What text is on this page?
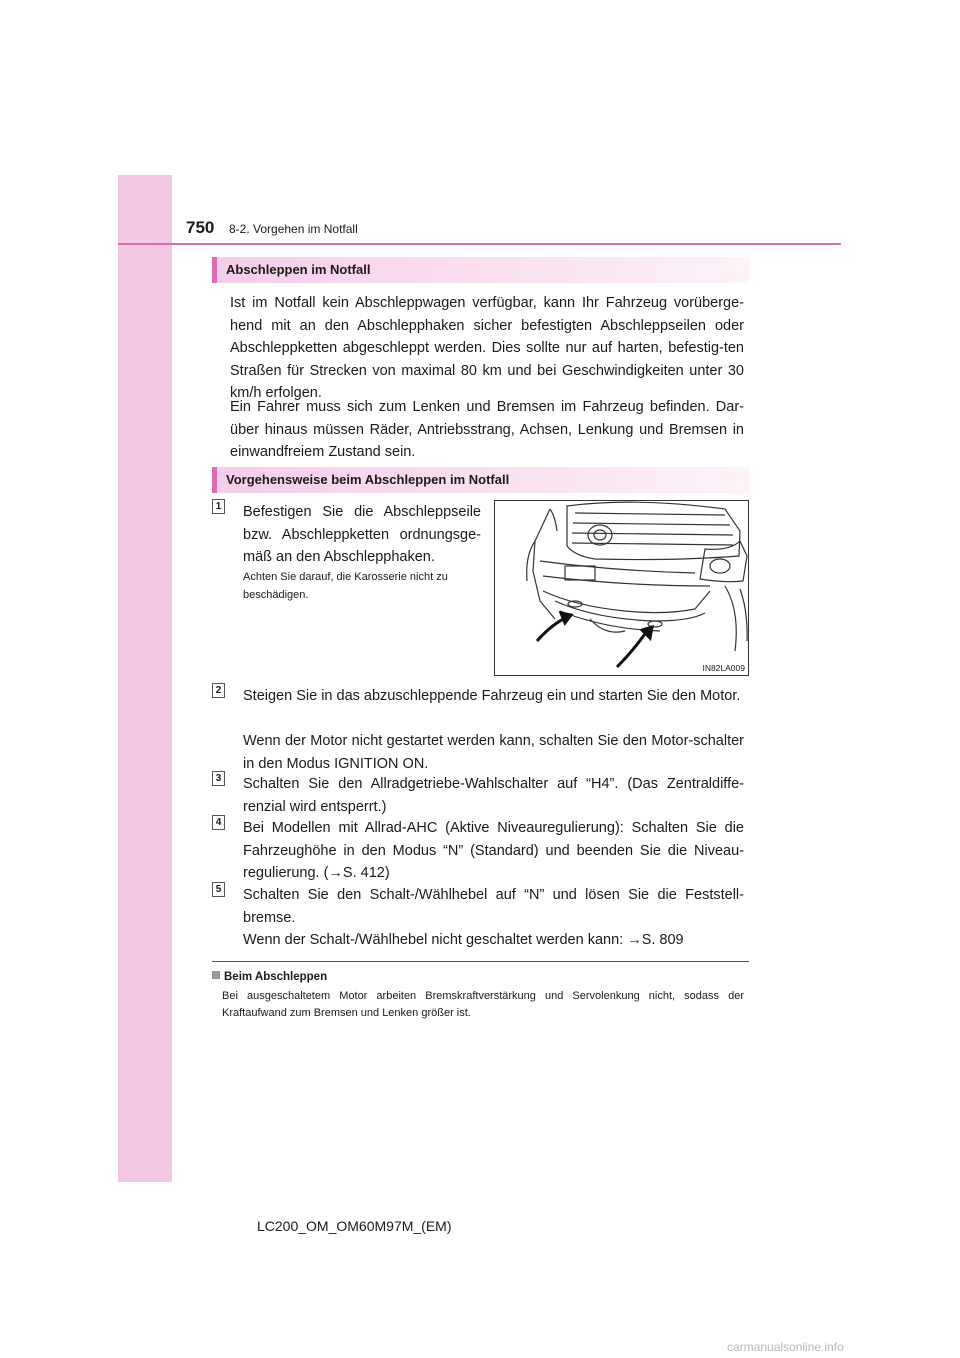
750 8-2. Vorgehen im Notfall
Abschleppen im Notfall

Ist im Notfall kein Abschleppwagen verfügbar, kann Ihr Fahrzeug vorüberge-hend mit an den Abschlepphaken sicher befestigten Abschleppseilen oder Abschleppketten abgeschleppt werden. Dies sollte nur auf harten, befestig-ten Straßen für Strecken von maximal 80 km und bei Geschwindigkeiten unter 30 km/h erfolgen.

Ein Fahrer muss sich zum Lenken und Bremsen im Fahrzeug befinden. Dar-über hinaus müssen Räder, Antriebsstrang, Achsen, Lenkung und Bremsen in einwandfreiem Zustand sein.

Vorgehensweise beim Abschleppen im Notfall
1 Befestigen Sie die Abschleppseile bzw. Abschleppketten ordnungsge-mäß an den Abschlepphaken.

Achten Sie darauf, die Karosserie nicht zu beschädigen.

IN82LA009
2 Steigen Sie in das abzuschleppende Fahrzeug ein und starten Sie den Motor.

Wenn der Motor nicht gestartet werden kann, schalten Sie den Motor-schalter in den Modus IGNITION ON.

3 Schalten Sie den Allradgetriebe-Wahlschalter auf “H4”. (Das Zentraldiffe-renzial wird entsperrt.)

4 Bei Modellen mit Allrad-AHC (Aktive Niveauregulierung): Schalten Sie die Fahrzeughöhe in den Modus “N” (Standard) und beenden Sie die Niveau-regulierung. (→S. 412)

5 Schalten Sie den Schalt-/Wählhebel auf “N” und lösen Sie die Feststell-bremse.

Wenn der Schalt-/Wählhebel nicht geschaltet werden kann: →S. 809

Beim Abschleppen

Bei ausgeschaltetem Motor arbeiten Bremskraftverstärkung und Servolenkung nicht, sodass der Kraftaufwand zum Bremsen und Lenken größer ist.

LC200_OM_OM60M97M_(EM)
carmanualsonline.info
